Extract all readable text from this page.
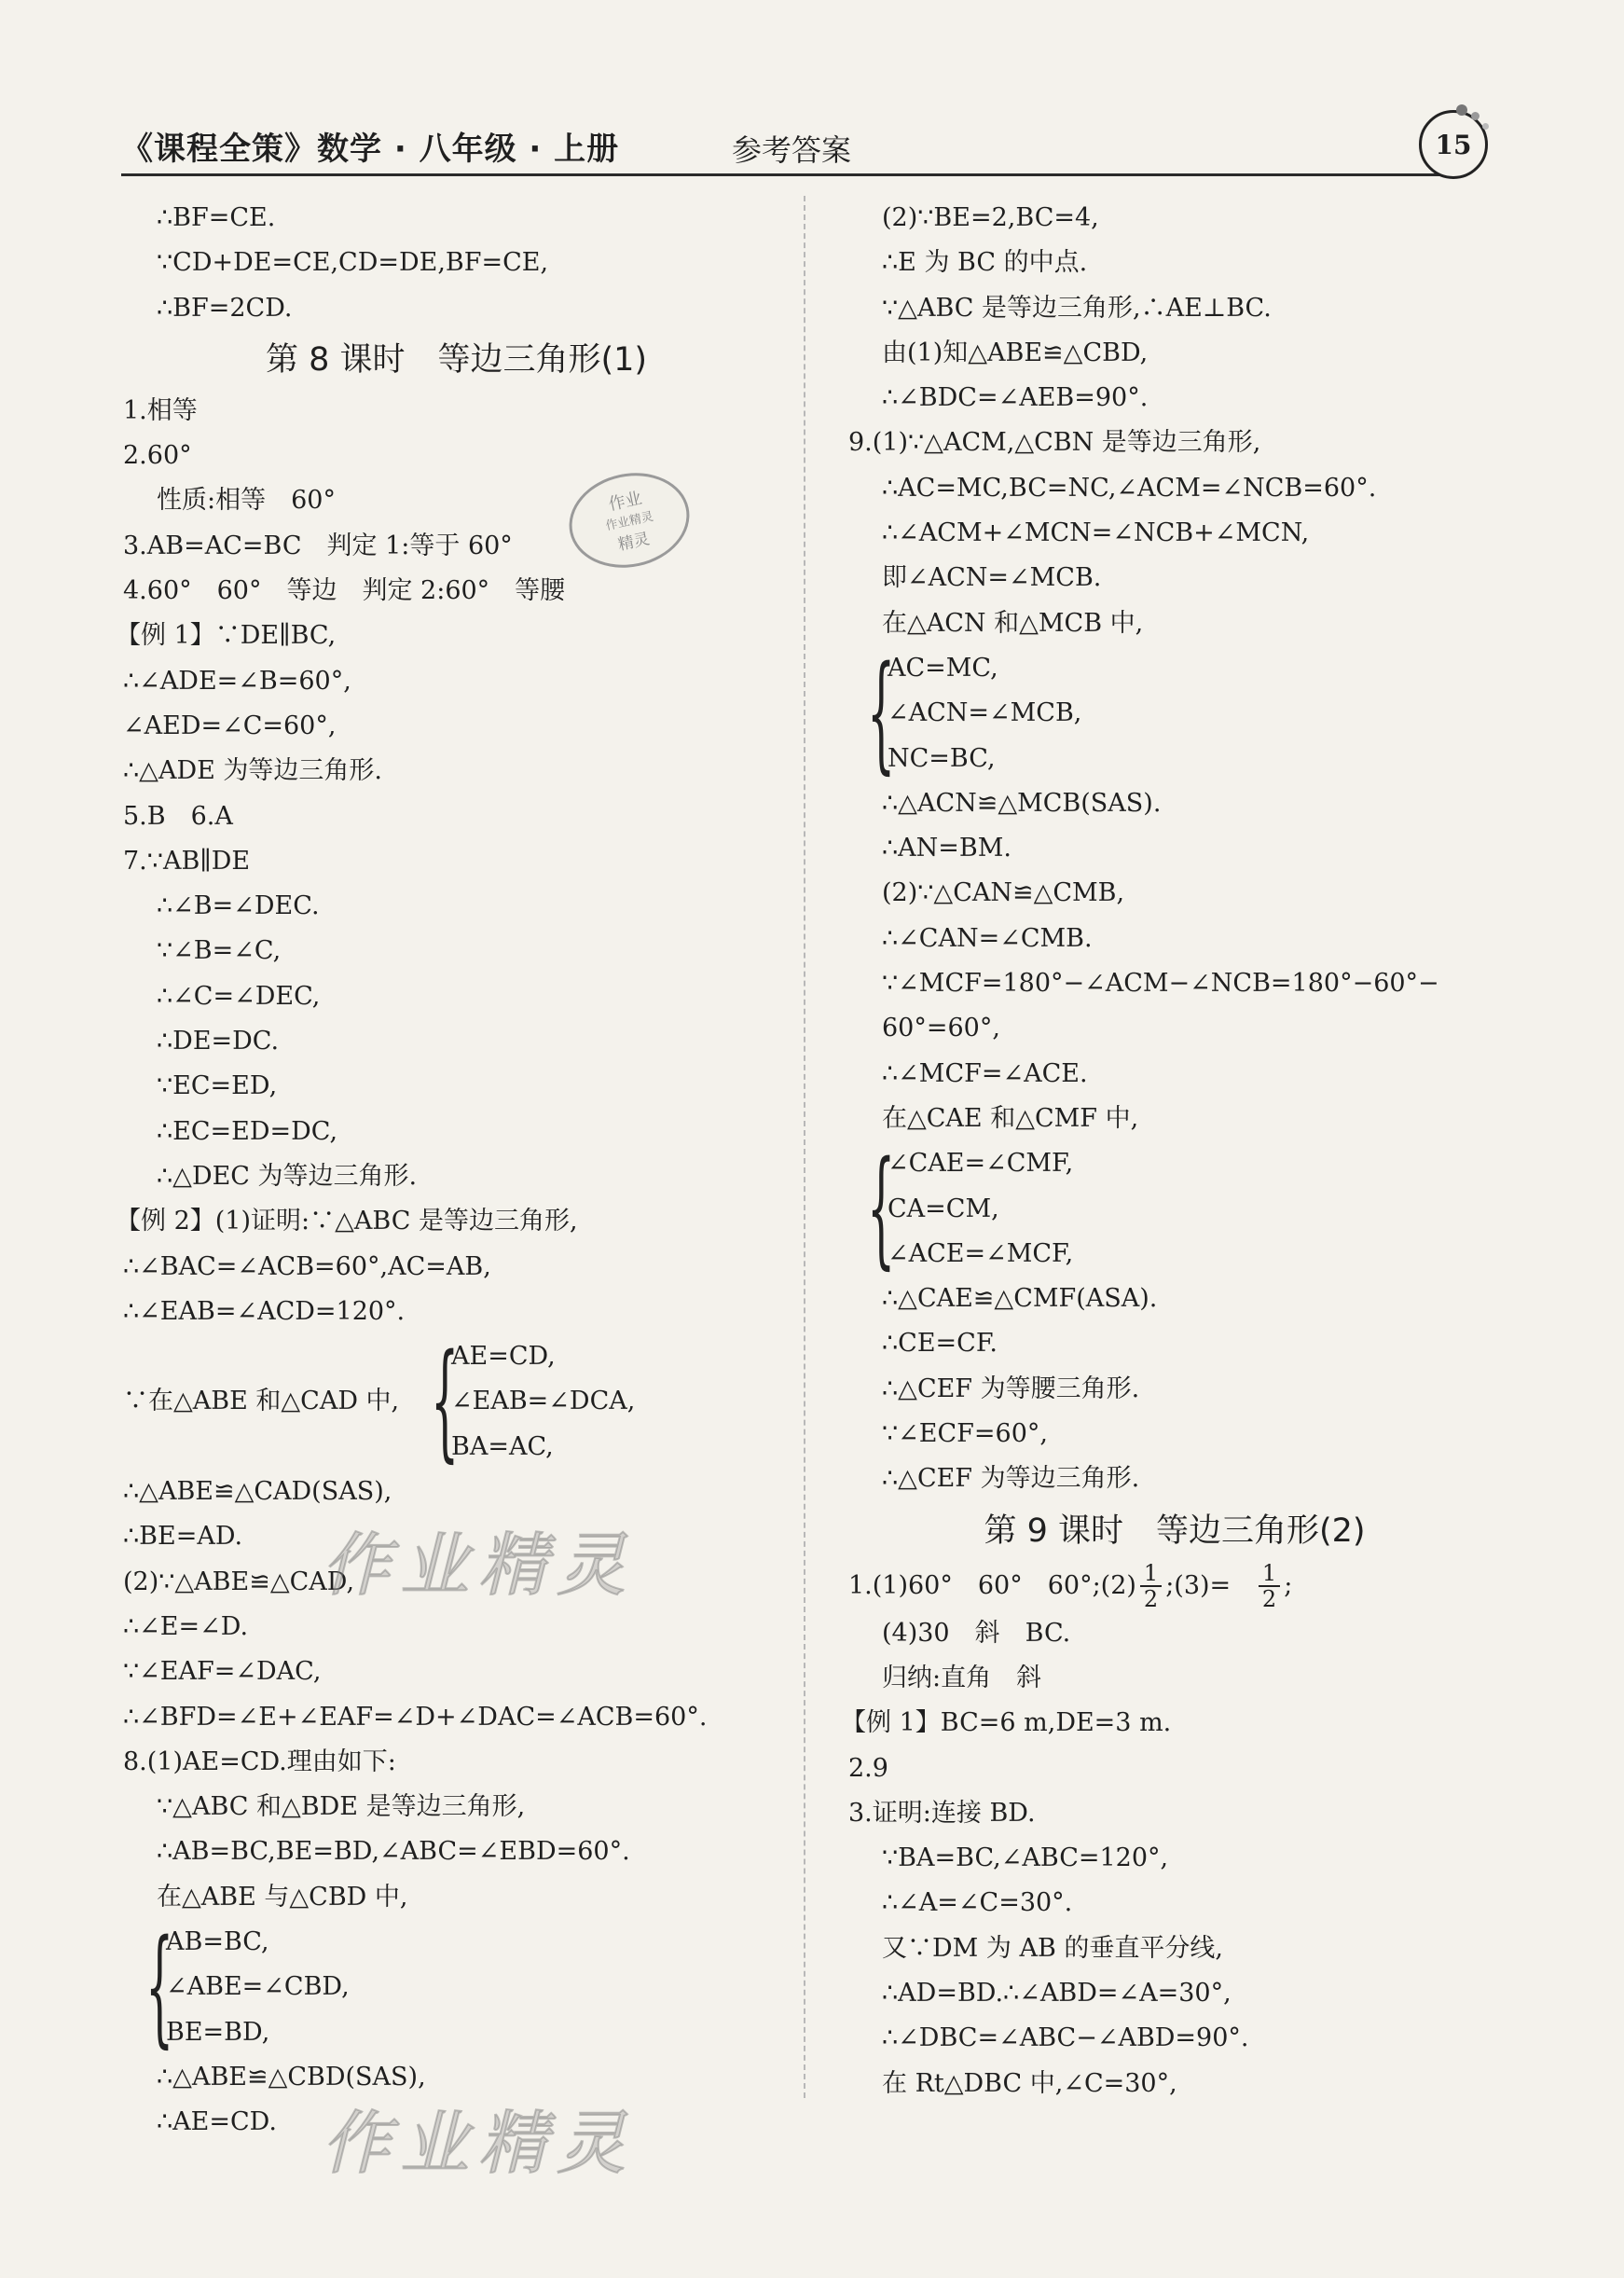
《课程全策》数学 · 八年级 · 上册	参考答案	15
∴BF=CE.
∵CD+DE=CE,CD=DE,BF=CE,
∴BF=2CD.
第 8 课时　等边三角形(1)
1.相等
2.60°
性质:相等　60°
3.AB=AC=BC　判定 1:等于 60°
4.60°　60°　等边　判定 2:60°　等腰
【例 1】∵DE∥BC,
∴∠ADE=∠B=60°,
∠AED=∠C=60°,
∴△ADE 为等边三角形.
5.B　6.A
7.∵AB∥DE
∴∠B=∠DEC.
∵∠B=∠C,
∴∠C=∠DEC,
∴DE=DC.
∵EC=ED,
∴EC=ED=DC,
∴△DEC 为等边三角形.
【例 2】(1)证明:∵△ABC 是等边三角形,
∴∠BAC=∠ACB=60°,AC=AB,
∴∠EAB=∠ACD=120°.
∵在△ABE 和△CAD 中, {
AE=CD,
∠EAB=∠DCA,
BA=AC,
∴△ABE≌△CAD(SAS),
∴BE=AD.
(2)∵△ABE≌△CAD,
∴∠E=∠D.
∵∠EAF=∠DAC,
∴∠BFD=∠E+∠EAF=∠D+∠DAC=∠ACB=60°.
8.(1)AE=CD.理由如下:
∵△ABC 和△BDE 是等边三角形,
∴AB=BC,BE=BD,∠ABC=∠EBD=60°.
在△ABE 与△CBD 中,
{
AB=BC,
∠ABE=∠CBD,
BE=BD,
∴△ABE≌△CBD(SAS),
∴AE=CD.
(2)∵BE=2,BC=4,
∴E 为 BC 的中点.
∵△ABC 是等边三角形,∴AE⊥BC.
由(1)知△ABE≌△CBD,
∴∠BDC=∠AEB=90°.
9.(1)∵△ACM,△CBN 是等边三角形,
∴AC=MC,BC=NC,∠ACM=∠NCB=60°.
∴∠ACM+∠MCN=∠NCB+∠MCN,
即∠ACN=∠MCB.
在△ACN 和△MCB 中,
{
AC=MC,
∠ACN=∠MCB,
NC=BC,
∴△ACN≌△MCB(SAS).
∴AN=BM.
(2)∵△CAN≌△CMB,
∴∠CAN=∠CMB.
∵∠MCF=180°−∠ACM−∠NCB=180°−60°−
60°=60°,
∴∠MCF=∠ACE.
在△CAE 和△CMF 中,
{
∠CAE=∠CMF,
CA=CM,
∠ACE=∠MCF,
∴△CAE≌△CMF(ASA).
∴CE=CF.
∴△CEF 为等腰三角形.
∵∠ECF=60°,
∴△CEF 为等边三角形.
第 9 课时　等边三角形(2)
1.(1)60°　60°　60°;(2) $\frac{1}{2}$ ;(3)= $\frac{1}{2}$ ;
(4)30　斜　BC.
归纳:直角　斜
【例 1】BC=6 m,DE=3 m.
2.9
3.证明:连接 BD.
∵BA=BC,∠ABC=120°,
∴∠A=∠C=30°.
又∵DM 为 AB 的垂直平分线,
∴AD=BD.∴∠ABD=∠A=30°,
∴∠DBC=∠ABC−∠ABD=90°.
在 Rt△DBC 中,∠C=30°,
作业
作业精灵
精灵
作业精灵
作业精灵
